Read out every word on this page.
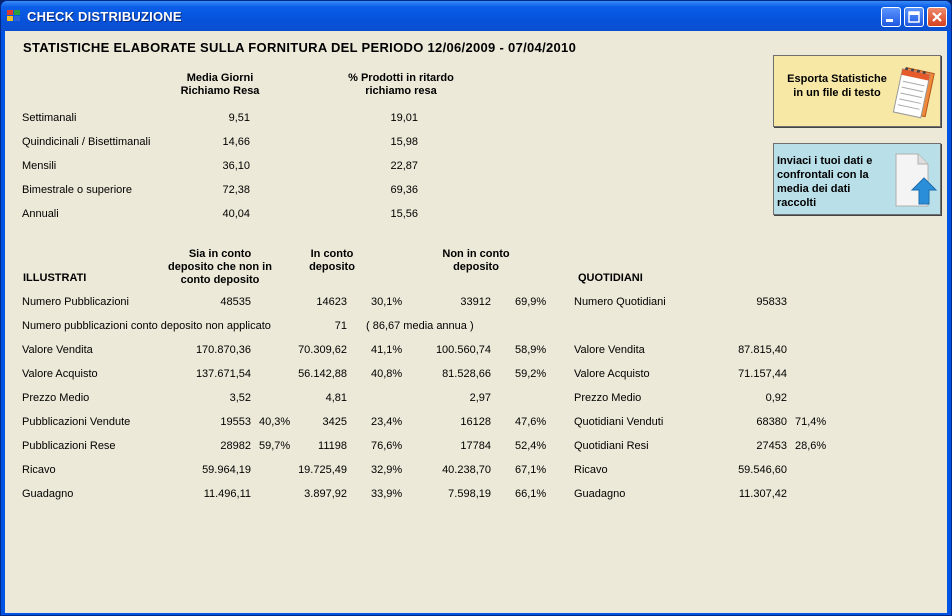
CHECK DISTRIBUZIONE
STATISTICHE ELABORATE SULLA FORNITURA DEL PERIODO 12/06/2009 - 07/04/2010
Media Giorni
Richiamo Resa
% Prodotti in ritardo
richiamo resa
Settimanali	9,51	19,01
Quindicinali / Bisettimanali	14,66	15,98
Mensili	36,10	22,87
Bimestrale o superiore	72,38	69,36
Annuali	40,04	15,56
ILLUSTRATI
Sia in conto
deposito che non in
conto deposito
In conto
deposito
Non in conto
deposito
QUOTIDIANI
Numero Pubblicazioni	48535	14623 30,1%	33912 69,9%
Numero pubblicazioni conto deposito non applicato	71 ( 86,67 media annua )
Valore Vendita	170.870,36	70.309,62 41,1%	100.560,74 58,9%
Valore Acquisto	137.671,54	56.142,88 40,8%	81.528,66 59,2%
Prezzo Medio	3,52	4,81	2,97
Pubblicazioni Vendute	19553 40,3%	3425 23,4%	16128 47,6%
Pubblicazioni Rese	28982 59,7%	11198 76,6%	17784 52,4%
Ricavo	59.964,19	19.725,49 32,9%	40.238,70 67,1%
Guadagno	11.496,11	3.897,92 33,9%	7.598,19 66,1%
Numero Quotidiani	95833
Valore Vendita	87.815,40
Valore Acquisto	71.157,44
Prezzo Medio	0,92
Quotidiani Venduti	68380 71,4%
Quotidiani Resi	27453 28,6%
Ricavo	59.546,60
Guadagno	11.307,42
Esporta Statistiche
in un file di testo
Inviaci i tuoi dati e confrontali con la media dei dati raccolti
